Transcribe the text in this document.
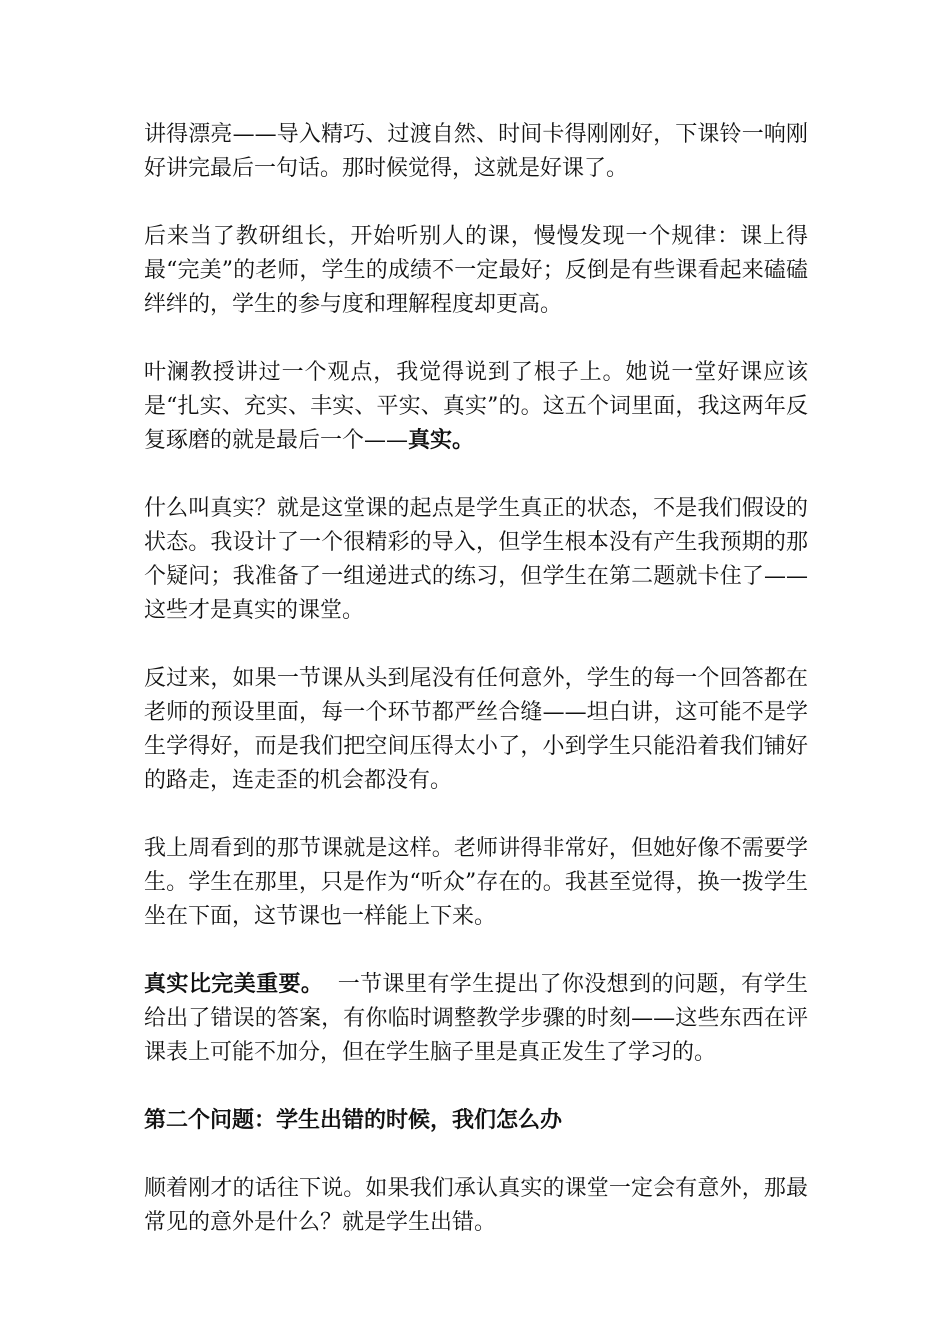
讲得漂亮——导入精巧、过渡自然、时间卡得刚刚好，下课铃一响刚好讲完最后一句话。那时候觉得，这就是好课了。

后来当了教研组长，开始听别人的课，慢慢发现一个规律：课上得最“完美”的老师，学生的成绩不一定最好；反倒是有些课看起来磕磕绊绊的，学生的参与度和理解程度却更高。

叶澜教授讲过一个观点，我觉得说到了根子上。她说一堂好课应该是“扎实、充实、丰实、平实、真实”的。这五个词里面，我这两年反复琢磨的就是最后一个——真实。

什么叫真实？就是这堂课的起点是学生真正的状态，不是我们假设的状态。我设计了一个很精彩的导入，但学生根本没有产生我预期的那个疑问；我准备了一组递进式的练习，但学生在第二题就卡住了——这些才是真实的课堂。

反过来，如果一节课从头到尾没有任何意外，学生的每一个回答都在老师的预设里面，每一个环节都严丝合缝——坦白讲，这可能不是学生学得好，而是我们把空间压得太小了，小到学生只能沿着我们铺好的路走，连走歪的机会都没有。

我上周看到的那节课就是这样。老师讲得非常好，但她好像不需要学生。学生在那里，只是作为“听众”存在的。我甚至觉得，换一拨学生坐在下面，这节课也一样能上下来。

真实比完美重要。 一节课里有学生提出了你没想到的问题，有学生给出了错误的答案，有你临时调整教学步骤的时刻——这些东西在评课表上可能不加分，但在学生脑子里是真正发生了学习的。

第二个问题：学生出错的时候，我们怎么办

顺着刚才的话往下说。如果我们承认真实的课堂一定会有意外，那最常见的意外是什么？就是学生出错。
